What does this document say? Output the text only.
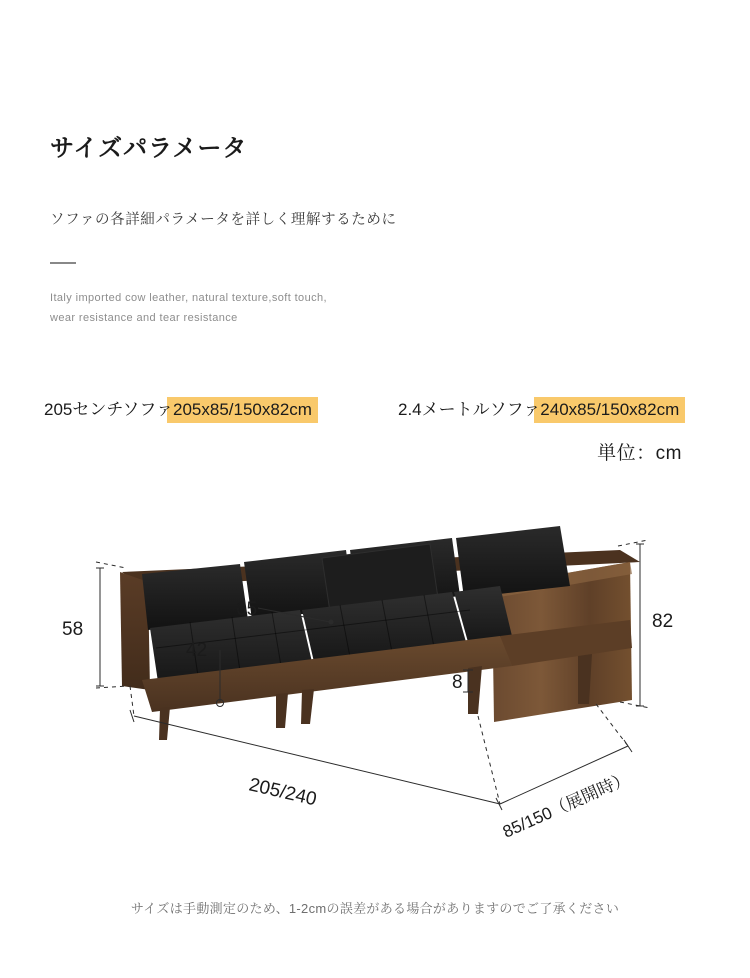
サイズパラメータ
ソファの各詳細パラメータを詳しく理解するために
Italy imported cow leather, natural texture,soft touch,
wear resistance and tear resistance
205センチソファ205x85/150x82cm	2.4メートルソファ240x85/150x82cm
単位：cm
58
65
42
82
8
205/240	85/150（展開時）
サイズは手動測定のため、1-2cmの誤差がある場合がありますのでご了承ください
